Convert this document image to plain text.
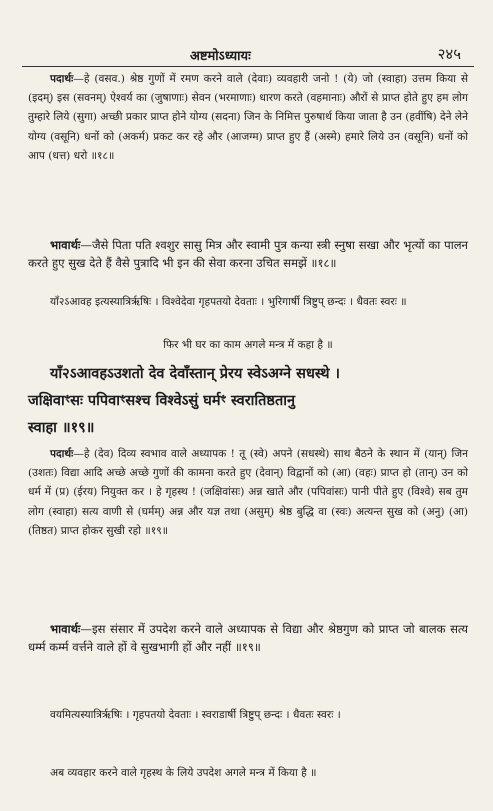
अष्टमोऽध्यायः	२४५

पदार्थः—हे (वसव.) श्रेष्ठ गुणों में रमण करने वाले (देवाः) व्यवहारी जनो ! (ये) जो (स्वाहा) उत्तम किया से (इदम्) इस (सवनम्) ऐश्वर्य का (जुषाणाः) सेवन (भरमाणाः) धारण करते (वहमानाः) औरों से प्राप्त होते हुए हम लोग तुम्हारे लिये (सुगा) अच्छी प्रकार प्राप्त होने योग्य (सदना) जिन के निमित्त पुरुषार्थ किया जाता है उन (हवींषि) देने लेने योग्य (वसूनि) धनों को (अकर्म) प्रकट कर रहे और (आजग्म) प्राप्त हुए हैं (अस्मे) हमारे लिये उन (वसूनि) धनों को आप (धत्त) धरो ॥१८॥

भावार्थः—जैसे पिता पति श्वशुर सासु मित्र और स्वामी पुत्र कन्या स्त्री स्नुषा सखा और भृत्यों का पालन करते हुए सुख देते हैं वैसे पुत्रादि भी इन की सेवा करना उचित समझें ॥१८॥

याँ२ऽआवह इत्यस्यात्रिर्ऋषिः । विश्वेदेवा गृहपतयो देवताः । भुरिगार्षी त्रिष्टुप् छन्दः । धैवतः स्वरः ॥

फिर भी घर का काम अगले मन्त्र में कहा है ॥

याँ२ऽआवहऽउशतो देव देवाँस्तान् प्रेरय स्वेऽअग्ने सधस्थे ।
जक्षिवाꣳसः पपिवाꣳसश्च विश्वेऽसुं घर्मꣳ स्वरातिष्ठतानु
स्वाहा ॥१९॥

पदार्थः—हे (देव) दिव्य स्वभाव वाले अध्यापक ! तू (स्वे) अपने (सधस्थे) साथ बैठने के स्थान में (यान्) जिन (उशतः) विद्या आदि अच्छे अच्छे गुणों की कामना करते हुए (देवान्) विद्वानों को (आ) (वहः) प्राप्त हो (तान्) उन को धर्म में (प्र) (ईरय) नियुक्त कर । हे गृहस्थ ! (जक्षिवांसः) अन्न खाते और (पपिवांसः) पानी पीते हुए (विश्वे) सब तुम लोग (स्वाहा) सत्य वाणी से (घर्मम्) अन्न और यज्ञ तथा (असुम्) श्रेष्ठ बुद्धि वा (स्वः) अत्यन्त सुख को (अनु) (आ) (तिष्ठत) प्राप्त होकर सुखी रहो ॥१९॥

भावार्थः—इस संसार में उपदेश करने वाले अध्यापक से विद्या और श्रेष्ठगुण को प्राप्त जो बालक सत्य धर्म्म कर्म्म वर्त्तने वाले हों वे सुखभागी हों और नहीं ॥१९॥

वयमित्यस्यात्रिर्ऋषिः । गृहपतयो देवताः । स्वराडार्षी त्रिष्टुप् छन्दः । धैवतः स्वरः ।

अब व्यवहार करने वाले गृहस्थ के लिये उपदेश अगले मन्त्र में किया है ॥
